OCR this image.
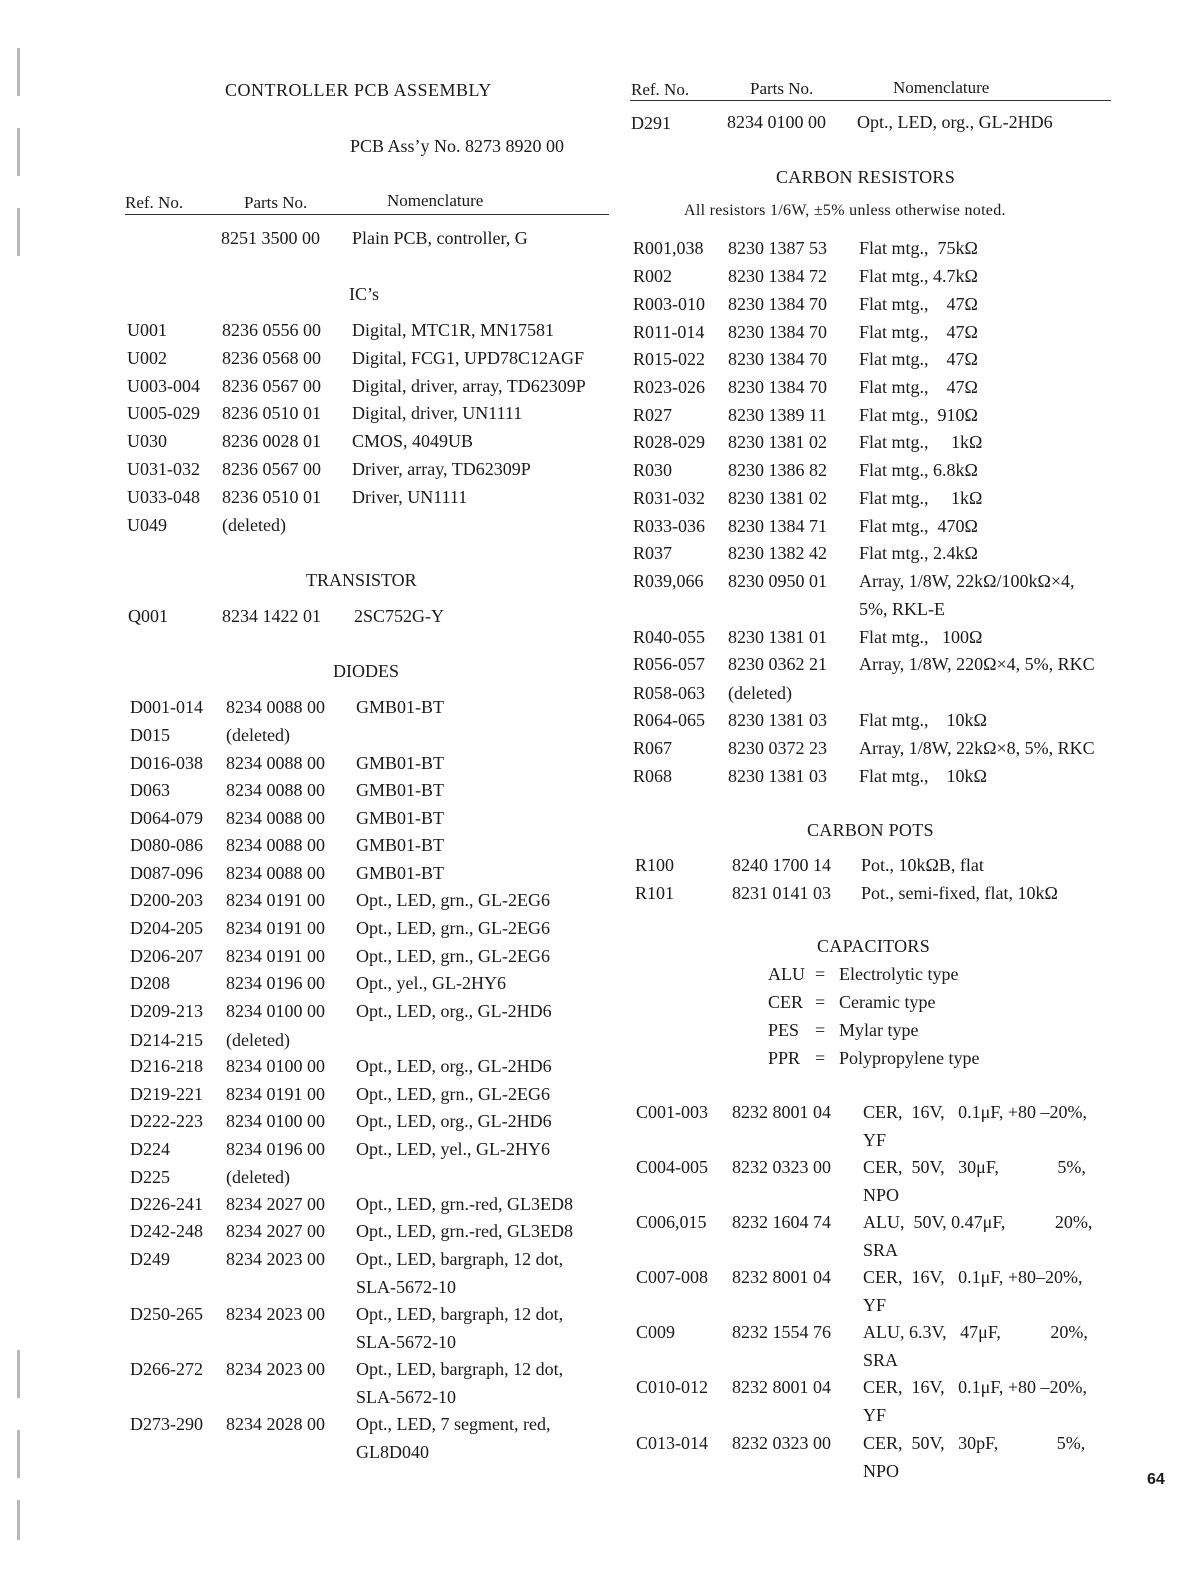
CONTROLLER PCB ASSEMBLY
PCB Ass’y No. 8273 8920 00
Ref. No.	Parts No.	Nomenclature
8251 3500 00 Plain PCB, controller, G
IC’s
U001	8236 0556 00 Digital, MTC1R, MN17581
U002	8236 0568 00 Digital, FCG1, UPD78C12AGF
U003-004 8236 0567 00 Digital, driver, array, TD62309P
U005-029 8236 0510 01 Digital, driver, UN1111
U030	8236 0028 01 CMOS, 4049UB
U031-032 8236 0567 00 Driver, array, TD62309P
U033-048 8236 0510 01 Driver, UN1111
U049	(deleted)
TRANSISTOR
Q001	8234 1422 01 2SC752G-Y
DIODES
D001-014 8234 0088 00 GMB01-BT
D015	(deleted)
D016-038 8234 0088 00 GMB01-BT
D063	8234 0088 00 GMB01-BT
D064-079 8234 0088 00 GMB01-BT
D080-086 8234 0088 00 GMB01-BT
D087-096 8234 0088 00 GMB01-BT
D200-203 8234 0191 00 Opt., LED, grn., GL-2EG6
D204-205 8234 0191 00 Opt., LED, grn., GL-2EG6
D206-207 8234 0191 00 Opt., LED, grn., GL-2EG6
D208	8234 0196 00 Opt., yel., GL-2HY6
D209-213 8234 0100 00 Opt., LED, org., GL-2HD6
D214-215 (deleted)
D216-218 8234 0100 00 Opt., LED, org., GL-2HD6
D219-221 8234 0191 00 Opt., LED, grn., GL-2EG6
D222-223 8234 0100 00 Opt., LED, org., GL-2HD6
D224	8234 0196 00 Opt., LED, yel., GL-2HY6
D225	(deleted)
D226-241 8234 2027 00 Opt., LED, grn.-red, GL3ED8
D242-248 8234 2027 00 Opt., LED, grn.-red, GL3ED8
D249	8234 2023 00 Opt., LED, bargraph, 12 dot,
SLA-5672-10
D250-265 8234 2023 00 Opt., LED, bargraph, 12 dot,
SLA-5672-10
D266-272 8234 2023 00 Opt., LED, bargraph, 12 dot,
SLA-5672-10
D273-290 8234 2028 00 Opt., LED, 7 segment, red,
GL8D040
Ref. No.	Parts No.	Nomenclature
D291	8234 0100 00 Opt., LED, org., GL-2HD6
CARBON RESISTORS
All resistors 1/6W, ±5% unless otherwise noted.
R001,038 8230 1387 53 Flat mtg.,  75kΩ
R002	8230 1384 72 Flat mtg., 4.7kΩ
R003-010 8230 1384 70 Flat mtg.,    47Ω
R011-014 8230 1384 70 Flat mtg.,    47Ω
R015-022 8230 1384 70 Flat mtg.,    47Ω
R023-026 8230 1384 70 Flat mtg.,    47Ω
R027	8230 1389 11 Flat mtg.,  910Ω
R028-029 8230 1381 02 Flat mtg.,     1kΩ
R030	8230 1386 82 Flat mtg., 6.8kΩ
R031-032 8230 1381 02 Flat mtg.,     1kΩ
R033-036 8230 1384 71 Flat mtg.,  470Ω
R037	8230 1382 42 Flat mtg., 2.4kΩ
R039,066 8230 0950 01 Array, 1/8W, 22kΩ/100kΩ×4,
5%, RKL-E
R040-055 8230 1381 01 Flat mtg.,   100Ω
R056-057 8230 0362 21 Array, 1/8W, 220Ω×4, 5%, RKC
R058-063 (deleted)
R064-065 8230 1381 03 Flat mtg.,    10kΩ
R067	8230 0372 23 Array, 1/8W, 22kΩ×8, 5%, RKC
R068	8230 1381 03 Flat mtg.,    10kΩ
CARBON POTS
R100	8240 1700 14 Pot., 10kΩB, flat
R101	8231 0141 03 Pot., semi-fixed, flat, 10kΩ
CAPACITORS
ALU = Electrolytic type
CER = Ceramic type
PES = Mylar type
PPR = Polypropylene type
C001-003 8232 8001 04 CER,  16V,   0.1μF, +80 –20%,
YF
C004-005 8232 0323 00 CER,  50V,   30μF,             5%,
NPO
C006,015 8232 1604 74 ALU,  50V, 0.47μF,           20%,
SRA
C007-008 8232 8001 04 CER,  16V,   0.1μF, +80–20%,
YF
C009	8232 1554 76 ALU, 6.3V,   47μF,           20%,
SRA
C010-012 8232 8001 04 CER,  16V,   0.1μF, +80 –20%,
YF
C013-014 8232 0323 00 CER,  50V,   30pF,             5%,
NPO	64
